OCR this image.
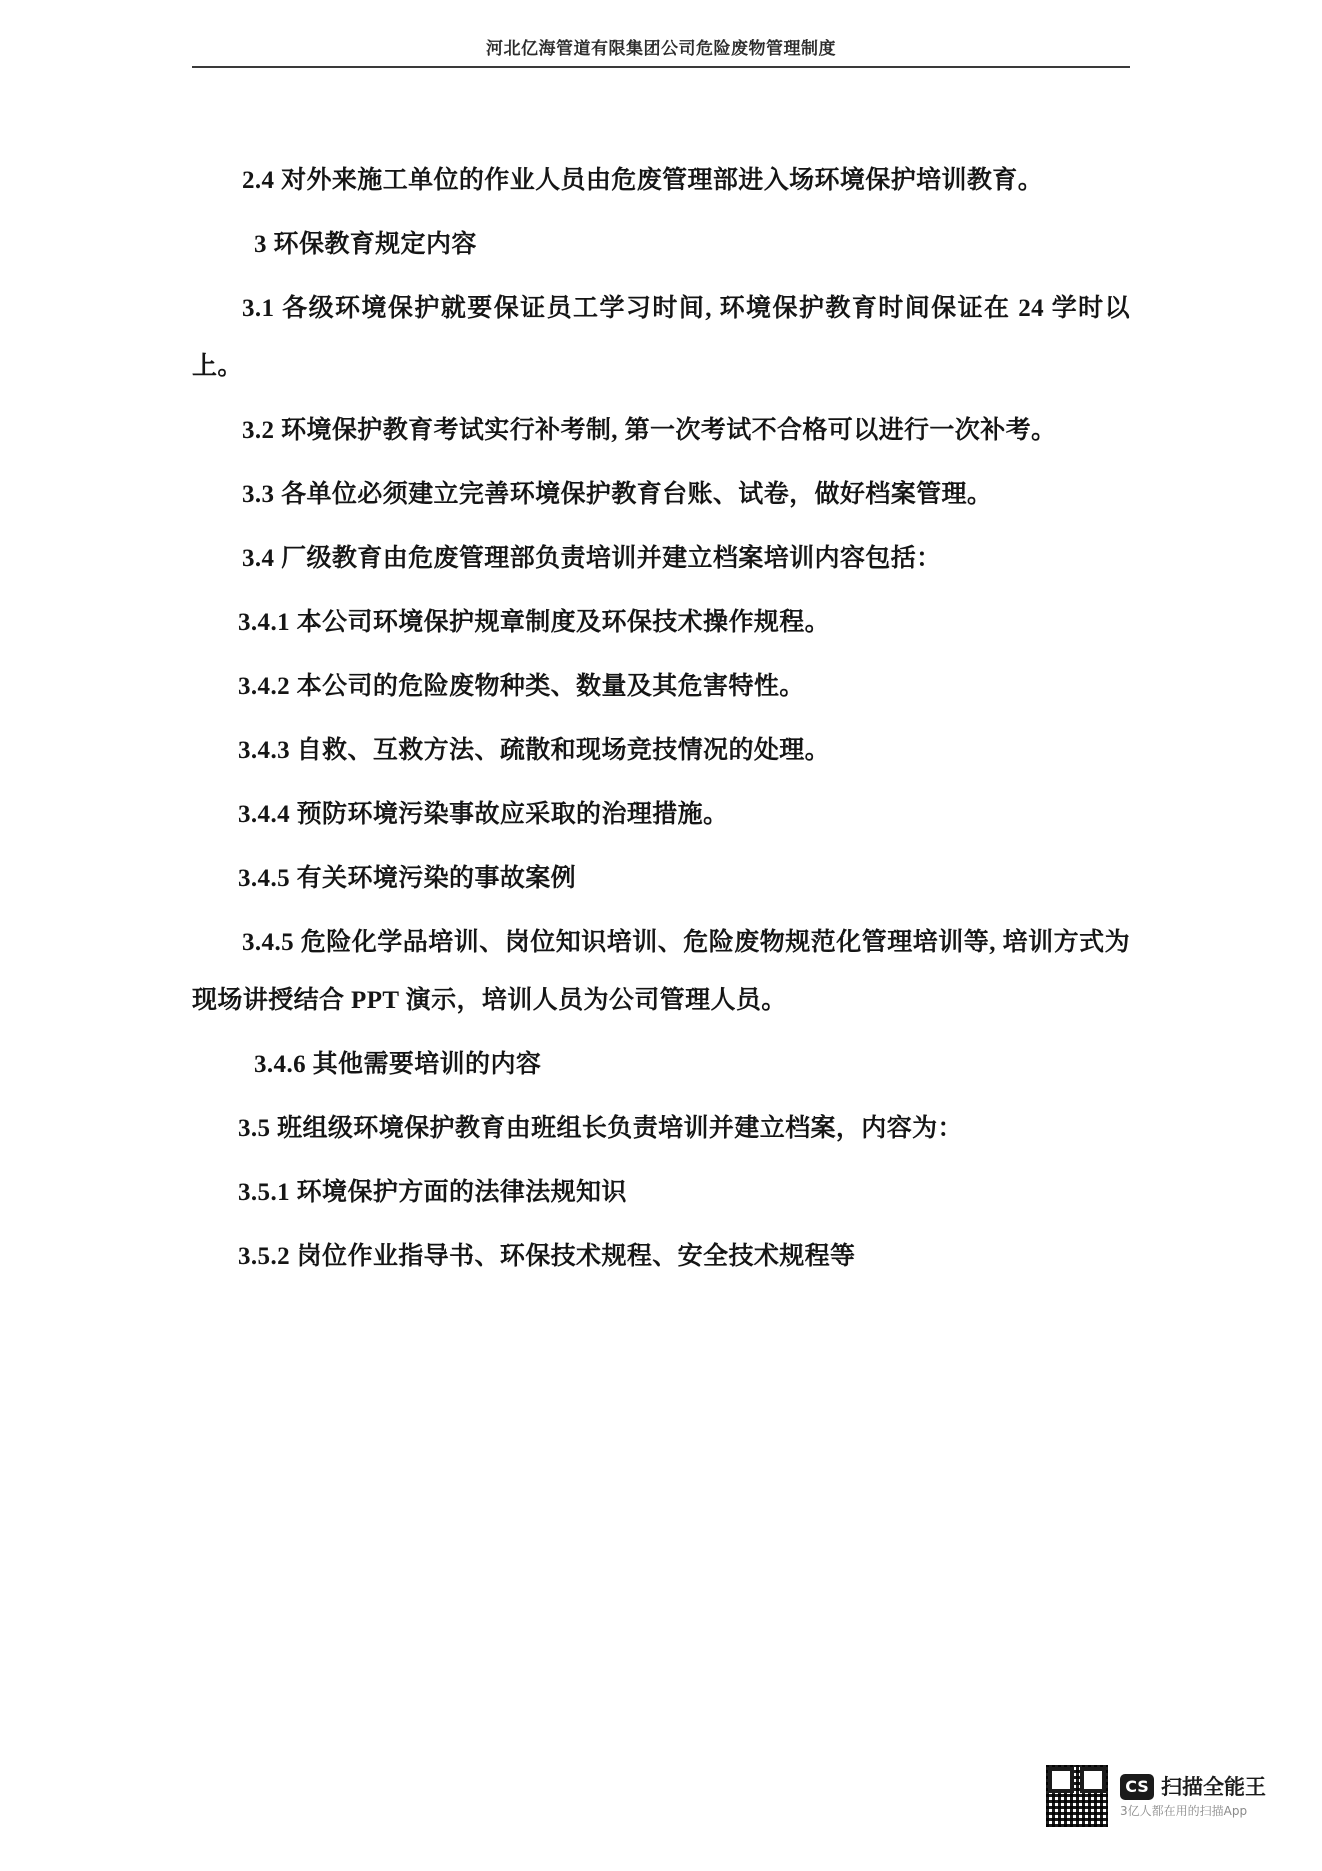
河北亿海管道有限集团公司危险废物管理制度

2.4 对外来施工单位的作业人员由危废管理部进入场环境保护培训教育。

3 环保教育规定内容

3.1 各级环境保护就要保证员工学习时间, 环境保护教育时间保证在 24 学时以上。

3.2 环境保护教育考试实行补考制, 第一次考试不合格可以进行一次补考。

3.3 各单位必须建立完善环境保护教育台账、试卷，做好档案管理。

3.4 厂级教育由危废管理部负责培训并建立档案培训内容包括：

3.4.1 本公司环境保护规章制度及环保技术操作规程。

3.4.2 本公司的危险废物种类、数量及其危害特性。

3.4.3 自救、互救方法、疏散和现场竞技情况的处理。

3.4.4 预防环境污染事故应采取的治理措施。

3.4.5 有关环境污染的事故案例

3.4.5 危险化学品培训、岗位知识培训、危险废物规范化管理培训等, 培训方式为现场讲授结合 PPT 演示，培训人员为公司管理人员。

3.4.6 其他需要培训的内容

3.5 班组级环境保护教育由班组长负责培训并建立档案，内容为：

3.5.1 环境保护方面的法律法规知识

3.5.2 岗位作业指导书、环保技术规程、安全技术规程等

CS 扫描全能王
3亿人都在用的扫描App
